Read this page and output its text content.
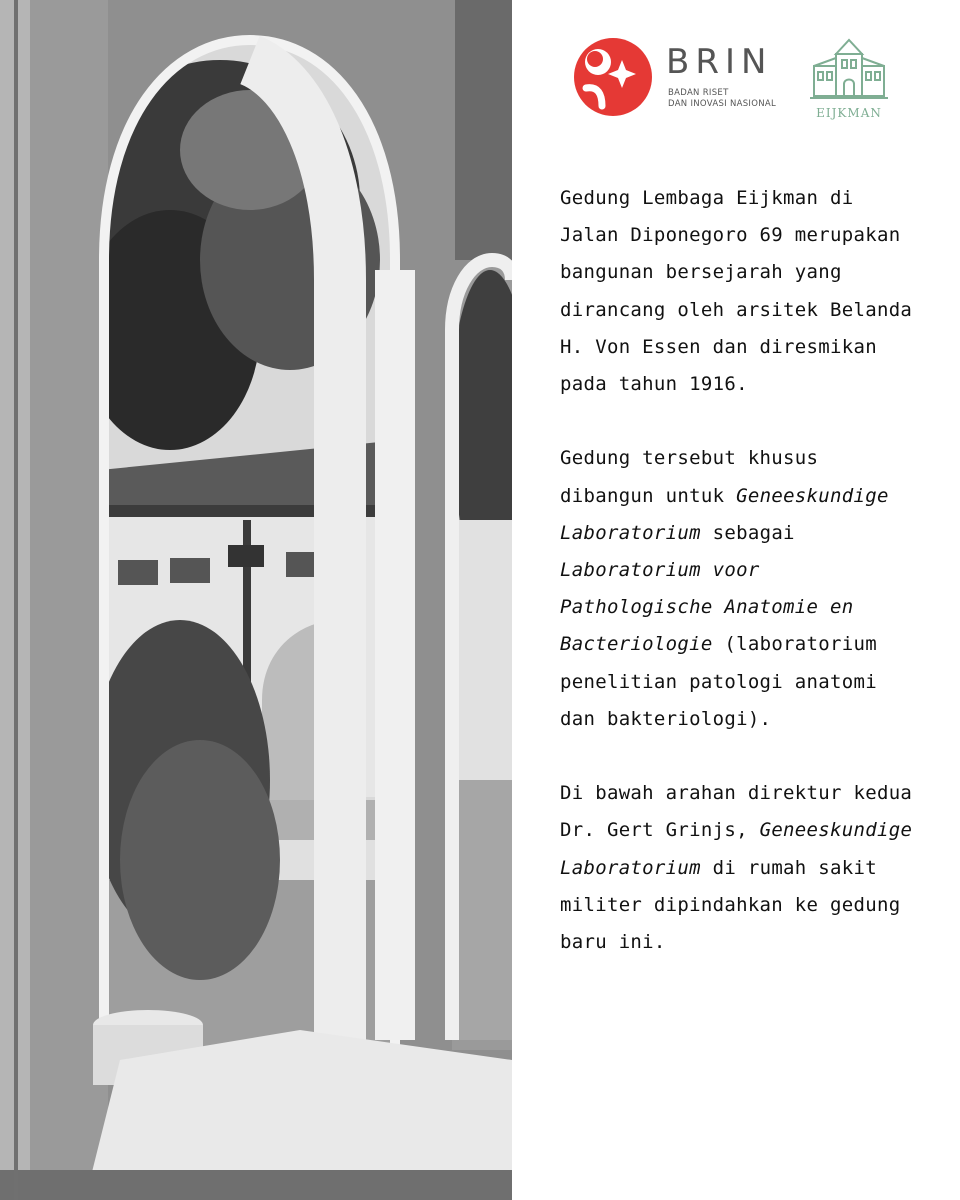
BRIN

BADAN RISET
DAN INOVASI NASIONAL

EIJKMAN

Gedung Lembaga Eijkman di Jalan Diponegoro 69 merupakan bangunan bersejarah yang dirancang oleh arsitek Belanda H. Von Essen dan diresmikan pada tahun 1916.

Gedung tersebut khusus dibangun untuk Geneeskundige Laboratorium sebagai Laboratorium voor Pathologische Anatomie en Bacteriologie (laboratorium penelitian patologi anatomi dan bakteriologi).

Di bawah arahan direktur kedua Dr. Gert Grinjs, Geneeskundige Laboratorium di rumah sakit militer dipindahkan ke gedung baru ini.
